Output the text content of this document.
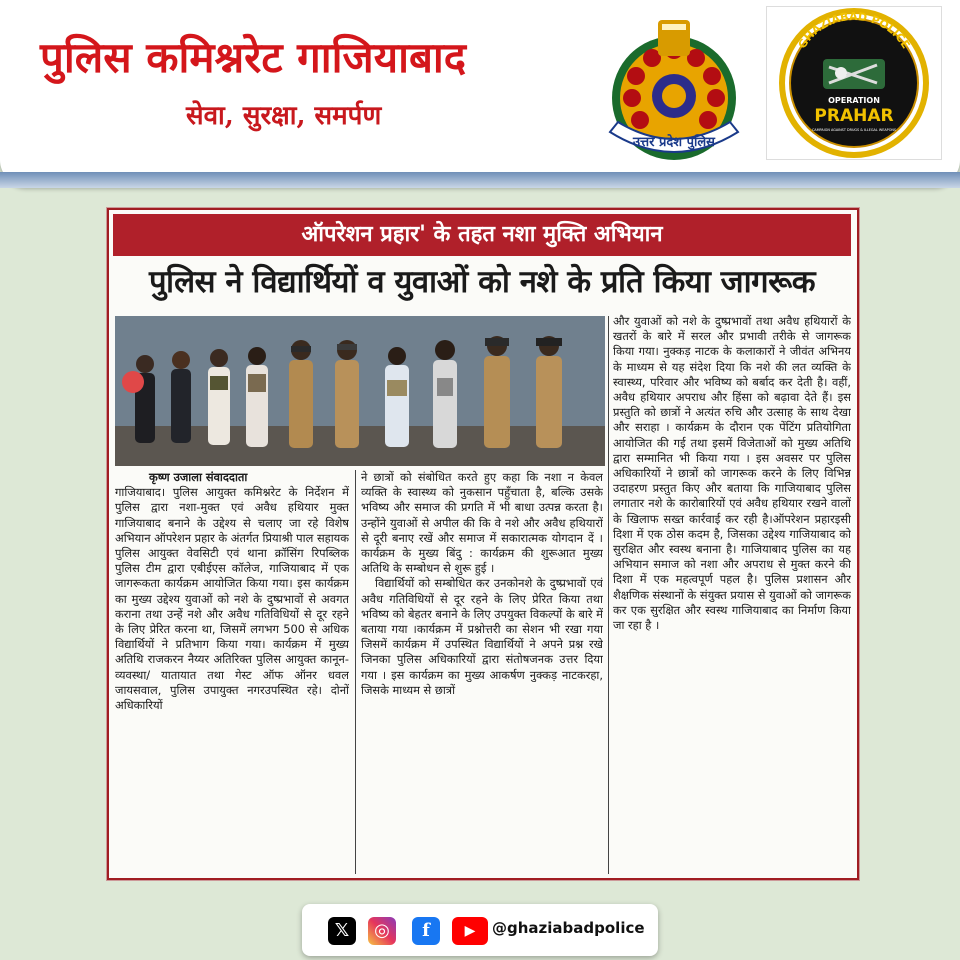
पुलिस कमिश्नरेट गाजियाबाद
सेवा, सुरक्षा, समर्पण
उत्तर प्रदेश पुलिस
GHAZIABAD POLICE
OPERATION
PRAHAR
CAMPAIGN AGAINST DRUGS & ILLEGAL WEAPONS
ऑपरेशन प्रहार' के तहत नशा मुक्ति अभियान
पुलिस ने विद्यार्थियों व युवाओं को नशे के प्रति किया जागरूक

कृष्ण उजाला संवाददाता

गाजियाबाद। पुलिस आयुक्त कमिश्नरेट के निर्देशन में पुलिस द्वारा नशा-मुक्त एवं अवैध हथियार मुक्त गाजियाबाद बनाने के उद्देश्य से चलाए जा रहे विशेष अभियान ऑपरेशन प्रहार के अंतर्गत प्रियाश्री पाल सहायक पुलिस आयुक्त वेवसिटी एवं थाना क्रॉसिंग रिपब्लिक पुलिस टीम द्वारा एबीईएस कॉलेज, गाजियाबाद में एक जागरूकता कार्यक्रम आयोजित किया गया। इस कार्यक्रम का मुख्य उद्देश्य युवाओं को नशे के दुष्प्रभावों से अवगत कराना तथा उन्हें नशे और अवैध गतिविधियों से दूर रहने के लिए प्रेरित करना था, जिसमें लगभग 500 से अधिक विद्यार्थियों ने प्रतिभाग किया गया। कार्यक्रम में मुख्य अतिथि राजकरन नैय्यर अतिरिक्त पुलिस आयुक्त कानून-व्यवस्था/ यातायात तथा गेस्ट ऑफ ऑनर धवल जायसवाल, पुलिस उपायुक्त नगरउपस्थित रहे। दोनों अधिकारियों

ने छात्रों को संबोधित करते हुए कहा कि नशा न केवल व्यक्ति के स्वास्थ्य को नुकसान पहुँचाता है, बल्कि उसके भविष्य और समाज की प्रगति में भी बाधा उत्पन्न करता है। उन्होंने युवाओं से अपील की कि वे नशे और अवैध हथियारों से दूरी बनाए रखें और समाज में सकारात्मक योगदान दें । कार्यक्रम के मुख्य बिंदु : कार्यक्रम की शुरूआत मुख्य अतिथि के सम्बोधन से शुरू हुई ।

विद्यार्थियों को सम्बोधित कर उनकोनशे के दुष्प्रभावों एवं अवैध गतिविधियों से दूर रहने के लिए प्रेरित किया तथा भविष्य को बेहतर बनाने के लिए उपयुक्त विकल्पों के बारे में बताया गया ।कार्यक्रम में प्रश्नोत्तरी का सेशन भी रखा गया जिसमें कार्यक्रम में उपस्थित विद्यार्थियों ने अपने प्रश्न रखे जिनका पुलिस अधिकारियों द्वारा संतोषजनक उत्तर दिया गया । इस कार्यक्रम का मुख्य आकर्षण नुक्कड़ नाटकरहा, जिसके माध्यम से छात्रों

और युवाओं को नशे के दुष्प्रभावों तथा अवैध हथियारों के खतरों के बारे में सरल और प्रभावी तरीके से जागरूक किया गया। नुक्कड़ नाटक के कलाकारों ने जीवंत अभिनय के माध्यम से यह संदेश दिया कि नशे की लत व्यक्ति के स्वास्थ्य, परिवार और भविष्य को बर्बाद कर देती है। वहीं, अवैध हथियार अपराध और हिंसा को बढ़ावा देते हैं। इस प्रस्तुति को छात्रों ने अत्यंत रुचि और उत्साह के साथ देखा और सराहा । कार्यक्रम के दौरान एक पेंटिंग प्रतियोगिता आयोजित की गई तथा इसमें विजेताओं को मुख्य अतिथि द्वारा सम्मानित भी किया गया । इस अवसर पर पुलिस अधिकारियों ने छात्रों को जागरूक करने के लिए विभिन्न उदाहरण प्रस्तुत किए और बताया कि गाजियाबाद पुलिस लगातार नशे के कारोबारियों एवं अवैध हथियार रखने वालों के खिलाफ सख्त कार्रवाई कर रही है।ऑपरेशन प्रहारइसी दिशा में एक ठोस कदम है, जिसका उद्देश्य गाजियाबाद को सुरक्षित और स्वस्थ बनाना है। गाजियाबाद पुलिस का यह अभियान समाज को नशा और अपराध से मुक्त करने की दिशा में एक महत्वपूर्ण पहल है। पुलिस प्रशासन और शैक्षणिक संस्थानों के संयुक्त प्रयास से युवाओं को जागरूक कर एक सुरक्षित और स्वस्थ गाजियाबाद का निर्माण किया जा रहा है ।

𝕏	◎	f	▶	@ghaziabadpolice
